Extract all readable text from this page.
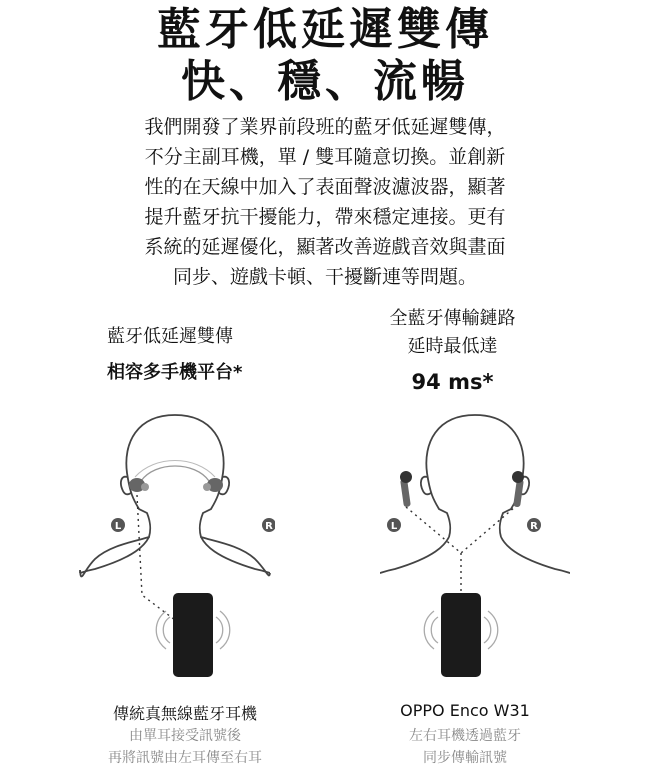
藍牙低延遲雙傳
快、穩、流暢
我們開發了業界前段班的藍牙低延遲雙傳，
不分主副耳機，單 / 雙耳隨意切換。並創新
性的在天線中加入了表面聲波濾波器，顯著
提升藍牙抗干擾能力，帶來穩定連接。更有
系統的延遲優化，顯著改善遊戲音效與畫面
同步、遊戲卡頓、干擾斷連等問題。
藍牙低延遲雙傳
相容多手機平台*
全藍牙傳輸鏈路
延時最低達
94 ms*
L	R	L	R
傳統真無線藍牙耳機
由單耳接受訊號後
再將訊號由左耳傳至右耳
OPPO Enco W31
左右耳機透過藍牙
同步傳輸訊號
